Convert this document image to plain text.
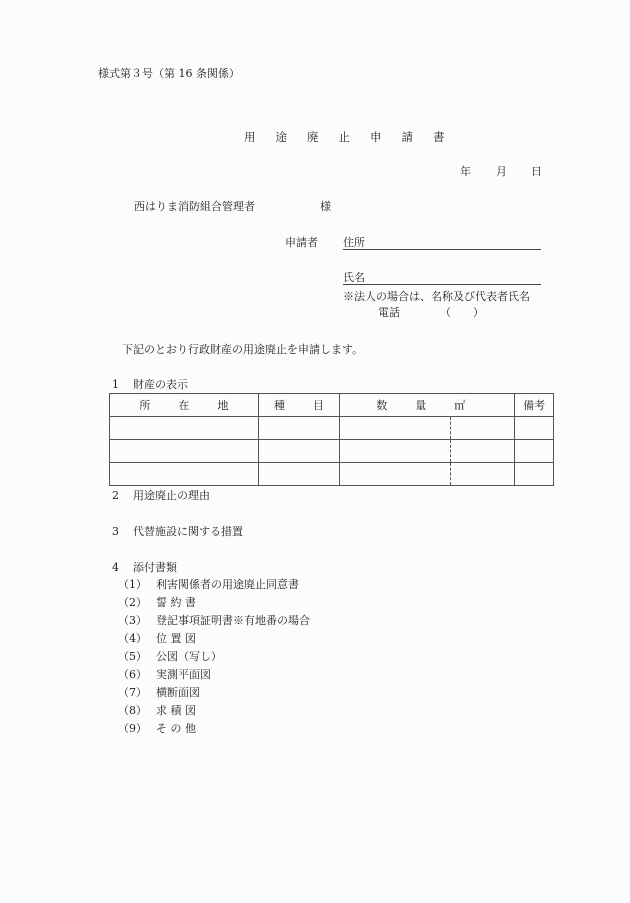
様式第３号（第 16 条関係）
用 途 廃 止 申 請 書
年 月 日
西はりま消防組合管理者	様
申請者 住所
氏名
※法人の場合は、名称及び代表者氏名
電話	（　　）
下記のとおり行政財産の用途廃止を申請します。
1 財産の表示
所 在 地	種 目	数 量 ㎡	備考

2 用途廃止の理由
3 代替施設に関する措置
4 添付書類
（1） 利害関係者の用途廃止同意書
（2） 誓 約 書
（3） 登記事項証明書※有地番の場合
（4） 位 置 図
（5） 公図（写し）
（6） 実測平面図
（7） 横断面図
（8） 求 積 図
（9） そ の 他
